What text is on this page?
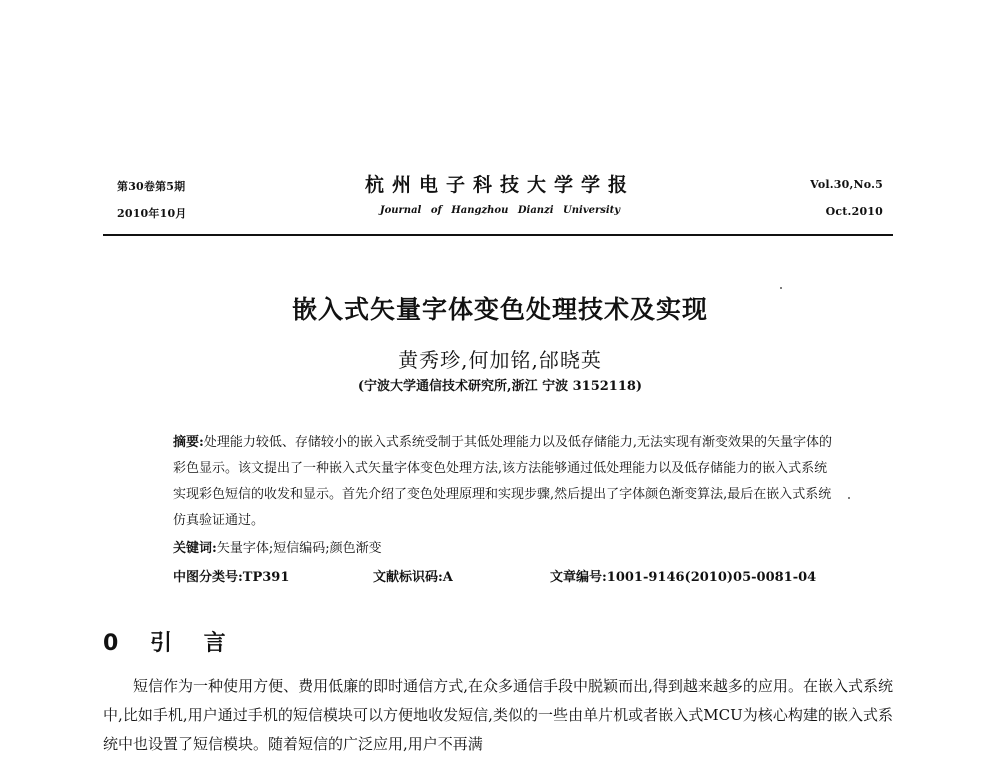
第30卷第5期
2010年10月
杭州电子科技大学学报
Journal of Hangzhou Dianzi University
Vol.30,No.5
Oct.2010
嵌入式矢量字体变色处理技术及实现
黄秀珍,何加铭,邰晓英
(宁波大学通信技术研究所,浙江 宁波 3152118)
摘要:处理能力较低、存储较小的嵌入式系统受制于其低处理能力以及低存储能力,无法实现有渐变效果的矢量字体的彩色显示。该文提出了一种嵌入式矢量字体变色处理方法,该方法能够通过低处理能力以及低存储能力的嵌入式系统实现彩色短信的收发和显示。首先介绍了变色处理原理和实现步骤,然后提出了字体颜色渐变算法,最后在嵌入式系统仿真验证通过。
关键词:矢量字体;短信编码;颜色渐变
中图分类号:TP391	文献标识码:A	文章编号:1001-9146(2010)05-0081-04
0 引 言

短信作为一种使用方便、费用低廉的即时通信方式,在众多通信手段中脱颖而出,得到越来越多的应用。在嵌入式系统中,比如手机,用户通过手机的短信模块可以方便地收发短信,类似的一些由单片机或者嵌入式MCU为核心构建的嵌入式系统中也设置了短信模块。随着短信的广泛应用,用户不再满
